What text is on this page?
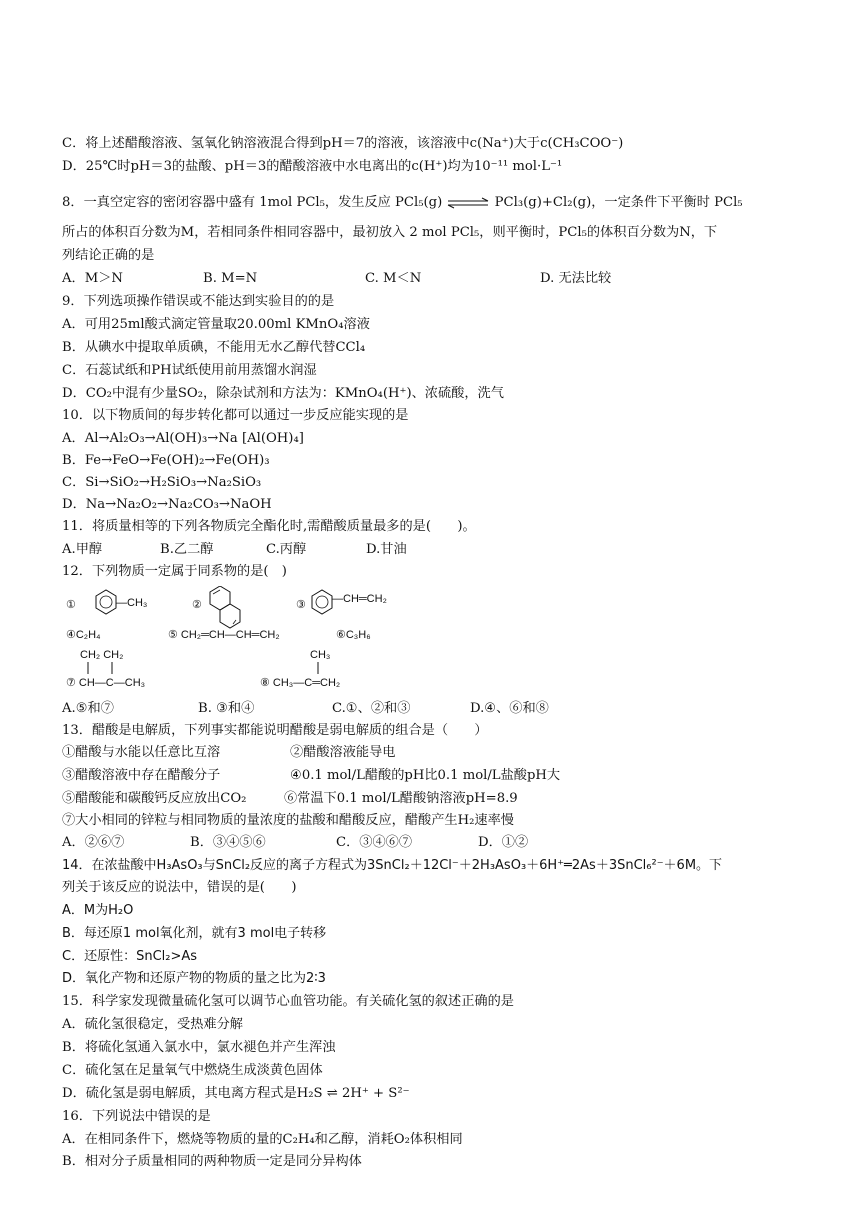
C．将上述醋酸溶液、氢氧化钠溶液混合得到pH＝7的溶液，该溶液中c(Na⁺)大于c(CH₃COO⁻)
D．25℃时pH＝3的盐酸、pH＝3的醋酸溶液中水电离出的c(H⁺)均为10⁻¹¹ mol·L⁻¹
8．一真空定容的密闭容器中盛有 1mol PCl₅，发生反应 PCl₅(g) ⇌ PCl₃(g)+Cl₂(g)，一定条件下平衡时 PCl₅
所占的体积百分数为M，若相同条件相同容器中，最初放入 2 mol PCl₅，则平衡时，PCl₅的体积百分数为N，下
列结论正确的是
A．M＞N	B. M=N	C. M＜N	D. 无法比较
9．下列选项操作错误或不能达到实验目的的是
A．可用25ml酸式滴定管量取20.00ml KMnO₄溶液
B．从碘水中提取单质碘，不能用无水乙醇代替CCl₄
C．石蕊试纸和PH试纸使用前用蒸馏水润湿
D．CO₂中混有少量SO₂，除杂试剂和方法为：KMnO₄(H⁺)、浓硫酸，洗气
10．以下物质间的每步转化都可以通过一步反应能实现的是
A．Al→Al₂O₃→Al(OH)₃→Na [Al(OH)₄]
B．Fe→FeO→Fe(OH)₂→Fe(OH)₃
C．Si→SiO₂→H₂SiO₃→Na₂SiO₃
D．Na→Na₂O₂→Na₂CO₃→NaOH
11．将质量相等的下列各物质完全酯化时,需醋酸质量最多的是(　　)。
A.甲醇	B.乙二醇	C.丙醇	D.甘油
12．下列物质一定属于同系物的是(　)
①	—CH₃	②	③ —CH═CH₂
④C₂H₄	⑤ CH₂═CH—CH═CH₂	⑥C₃H₆
CH₂ CH₂
⑦ CH—C—CH₃
CH₃
⑧ CH₃—C═CH₂
A.⑤和⑦	B. ③和④	C.①、②和③	D.④、⑥和⑧
13．醋酸是电解质，下列事实都能说明醋酸是弱电解质的组合是（　　）
①醋酸与水能以任意比互溶	②醋酸溶液能导电
③醋酸溶液中存在醋酸分子	④0.1 mol/L醋酸的pH比0.1 mol/L盐酸pH大
⑤醋酸能和碳酸钙反应放出CO₂	⑥常温下0.1 mol/L醋酸钠溶液pH=8.9
⑦大小相同的锌粒与相同物质的量浓度的盐酸和醋酸反应，醋酸产生H₂速率慢
A．②⑥⑦	B．③④⑤⑥	C．③④⑥⑦	D．①②
14．在浓盐酸中H₃AsO₃与SnCl₂反应的离子方程式为3SnCl₂＋12Cl⁻＋2H₃AsO₃＋6H⁺═2As＋3SnCl₆²⁻＋6M。下
列关于该反应的说法中，错误的是(　　)
A．M为H₂O
B．每还原1 mol氧化剂，就有3 mol电子转移
C．还原性：SnCl₂>As
D．氧化产物和还原产物的物质的量之比为2∶3
15．科学家发现微量硫化氢可以调节心血管功能。有关硫化氢的叙述正确的是
A．硫化氢很稳定，受热难分解
B．将硫化氢通入氯水中，氯水褪色并产生浑浊
C．硫化氢在足量氧气中燃烧生成淡黄色固体
D．硫化氢是弱电解质，其电离方程式是H₂S ⇌ 2H⁺ + S²⁻
16．下列说法中错误的是
A．在相同条件下，燃烧等物质的量的C₂H₄和乙醇，消耗O₂体积相同
B．相对分子质量相同的两种物质一定是同分异构体
